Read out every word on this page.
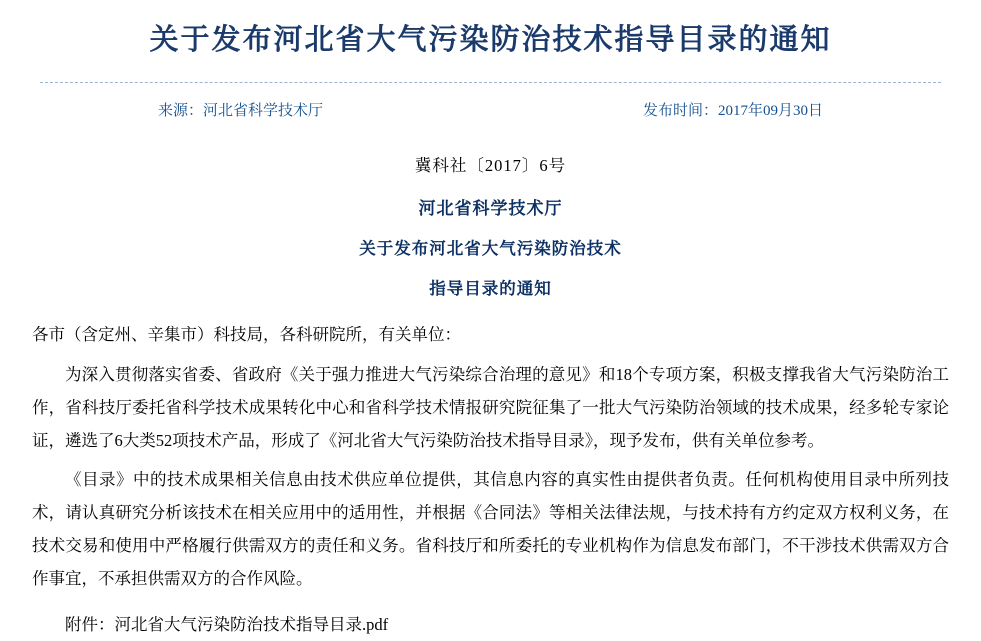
关于发布河北省大气污染防治技术指导目录的通知
来源：河北省科学技术厅	发布时间：2017年09月30日
冀科社〔2017〕6号
河北省科学技术厅
关于发布河北省大气污染防治技术
指导目录的通知
各市（含定州、辛集市）科技局，各科研院所，有关单位：
为深入贯彻落实省委、省政府《关于强力推进大气污染综合治理的意见》和18个专项方案，积极支撑我省大气污染防治工作，省科技厅委托省科学技术成果转化中心和省科学技术情报研究院征集了一批大气污染防治领域的技术成果，经多轮专家论证，遴选了6大类52项技术产品，形成了《河北省大气污染防治技术指导目录》，现予发布，供有关单位参考。
《目录》中的技术成果相关信息由技术供应单位提供，其信息内容的真实性由提供者负责。任何机构使用目录中所列技术，请认真研究分析该技术在相关应用中的适用性，并根据《合同法》等相关法律法规，与技术持有方约定双方权利义务，在技术交易和使用中严格履行供需双方的责任和义务。省科技厅和所委托的专业机构作为信息发布部门，不干涉技术供需双方合作事宜，不承担供需双方的合作风险。
附件：河北省大气污染防治技术指导目录.pdf
